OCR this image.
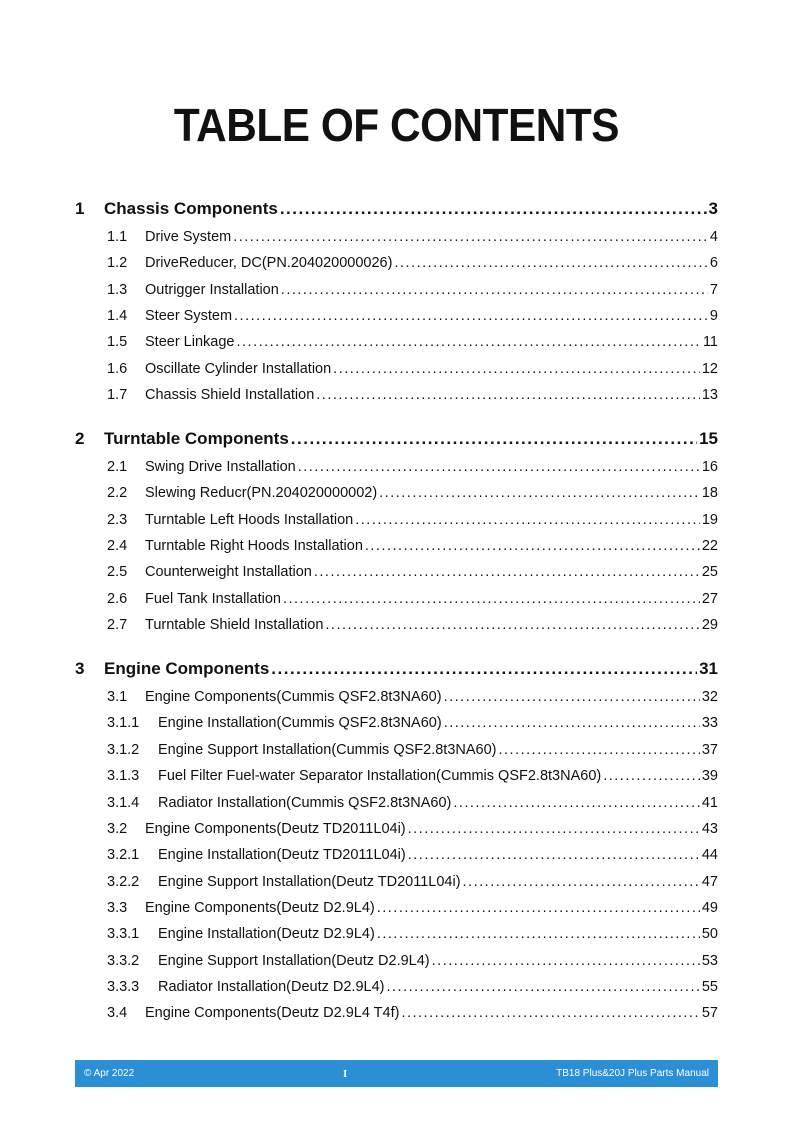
TABLE OF CONTENTS
1	Chassis Components .....	3
1.1	Drive System .....	4
1.2	DriveReducer, DC(PN.204020000026) .....	6
1.3	Outrigger Installation .....	7
1.4	Steer System .....	9
1.5	Steer Linkage .....	11
1.6	Oscillate Cylinder Installation .....	12
1.7	Chassis Shield Installation .....	13
2	Turntable Components .....	15
2.1	Swing Drive Installation .....	16
2.2	Slewing Reducr(PN.204020000002) .....	18
2.3	Turntable Left Hoods Installation .....	19
2.4	Turntable Right Hoods Installation .....	22
2.5	Counterweight Installation .....	25
2.6	Fuel Tank Installation .....	27
2.7	Turntable Shield Installation .....	29
3	Engine Components .....	31
3.1	Engine Components(Cummis QSF2.8t3NA60) .....	32
3.1.1	Engine Installation(Cummis QSF2.8t3NA60) .....	33
3.1.2	Engine Support Installation(Cummis QSF2.8t3NA60) .....	37
3.1.3	Fuel Filter Fuel-water Separator Installation(Cummis QSF2.8t3NA60) .....	39
3.1.4	Radiator Installation(Cummis QSF2.8t3NA60) .....	41
3.2	Engine Components(Deutz TD2011L04i) .....	43
3.2.1	Engine Installation(Deutz TD2011L04i) .....	44
3.2.2	Engine Support Installation(Deutz TD2011L04i) .....	47
3.3	Engine Components(Deutz D2.9L4) .....	49
3.3.1	Engine Installation(Deutz D2.9L4) .....	50
3.3.2	Engine Support Installation(Deutz D2.9L4) .....	53
3.3.3	Radiator Installation(Deutz D2.9L4) .....	55
3.4	Engine Components(Deutz D2.9L4 T4f) .....	57
© Apr 2022	I	TB18 Plus&20J Plus Parts Manual
